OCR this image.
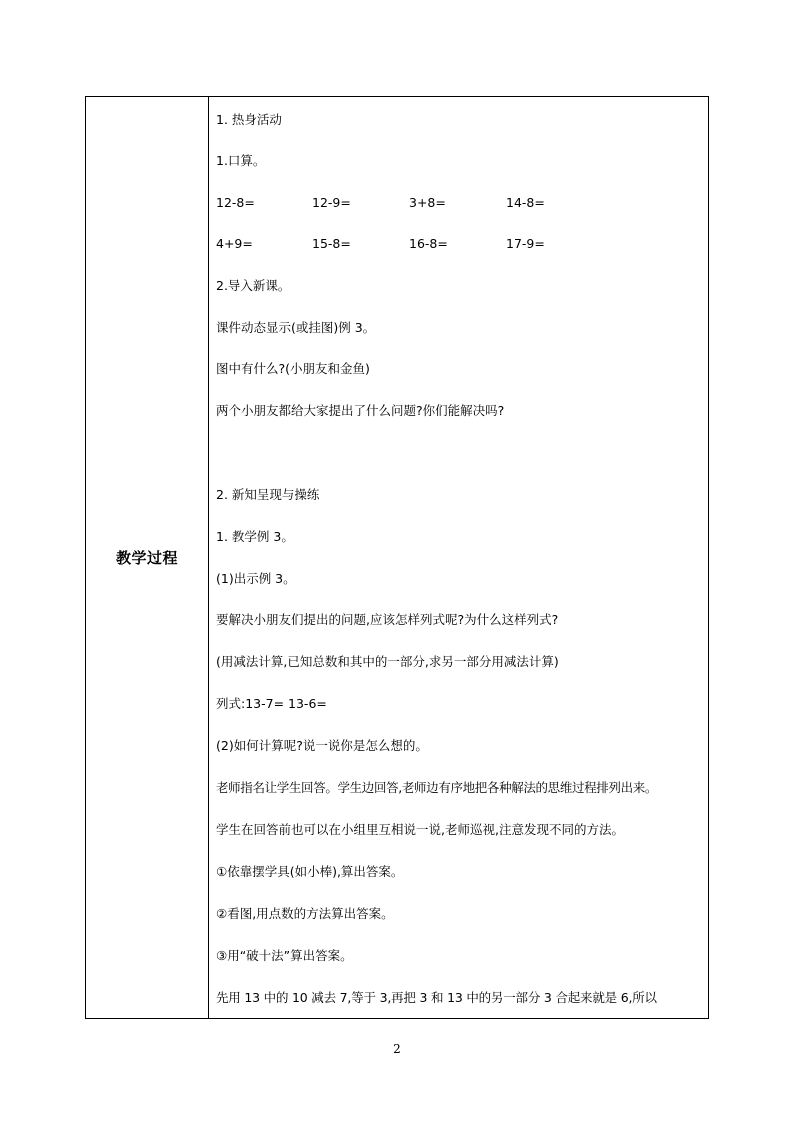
教学过程
1. 热身活动
1.口算。
12-8=	12-9=	3+8=	14-8=
4+9=	15-8=	16-8=	17-9=
2.导入新课。
课件动态显示(或挂图)例 3。
图中有什么?(小朋友和金鱼)
两个小朋友都给大家提出了什么问题?你们能解决吗?
2. 新知呈现与操练
1. 教学例 3。
(1)出示例 3。
要解决小朋友们提出的问题,应该怎样列式呢?为什么这样列式?
(用减法计算,已知总数和其中的一部分,求另一部分用减法计算)
列式:13-7= 13-6=
(2)如何计算呢?说一说你是怎么想的。
老师指名让学生回答。学生边回答,老师边有序地把各种解法的思维过程排列出来。
学生在回答前也可以在小组里互相说一说,老师巡视,注意发现不同的方法。
①依靠摆学具(如小棒),算出答案。
②看图,用点数的方法算出答案。
③用“破十法”算出答案。
先用 13 中的 10 减去 7,等于 3,再把 3 和 13 中的另一部分 3 合起来就是 6,所以
2
